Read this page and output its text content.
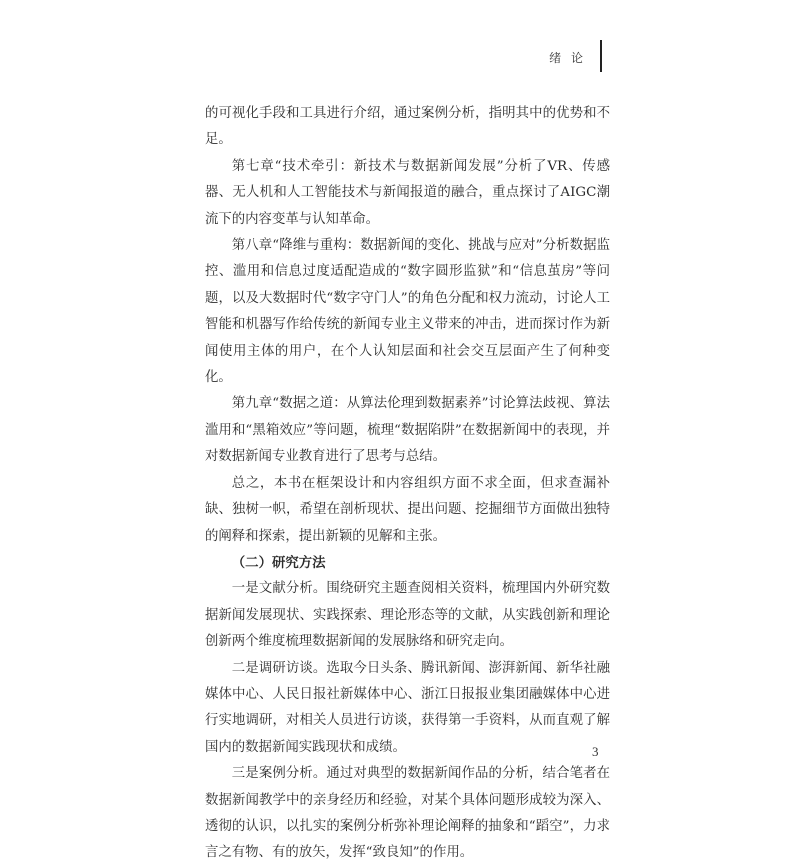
绪 论

的可视化手段和工具进行介绍，通过案例分析，指明其中的优势和不足。

第七章“技术牵引：新技术与数据新闻发展”分析了VR、传感器、无人机和人工智能技术与新闻报道的融合，重点探讨了AIGC潮流下的内容变革与认知革命。

第八章“降维与重构：数据新闻的变化、挑战与应对”分析数据监控、滥用和信息过度适配造成的“数字圆形监狱”和“信息茧房”等问题，以及大数据时代“数字守门人”的角色分配和权力流动，讨论人工智能和机器写作给传统的新闻专业主义带来的冲击，进而探讨作为新闻使用主体的用户，在个人认知层面和社会交互层面产生了何种变化。

第九章“数据之道：从算法伦理到数据素养”讨论算法歧视、算法滥用和“黑箱效应”等问题，梳理“数据陷阱”在数据新闻中的表现，并对数据新闻专业教育进行了思考与总结。

总之，本书在框架设计和内容组织方面不求全面，但求查漏补缺、独树一帜，希望在剖析现状、提出问题、挖掘细节方面做出独特的阐释和探索，提出新颖的见解和主张。

（二）研究方法

一是文献分析。围绕研究主题查阅相关资料，梳理国内外研究数据新闻发展现状、实践探索、理论形态等的文献，从实践创新和理论创新两个维度梳理数据新闻的发展脉络和研究走向。

二是调研访谈。选取今日头条、腾讯新闻、澎湃新闻、新华社融媒体中心、人民日报社新媒体中心、浙江日报报业集团融媒体中心进行实地调研，对相关人员进行访谈，获得第一手资料，从而直观了解国内的数据新闻实践现状和成绩。

三是案例分析。通过对典型的数据新闻作品的分析，结合笔者在数据新闻教学中的亲身经历和经验，对某个具体问题形成较为深入、透彻的认识，以扎实的案例分析弥补理论阐释的抽象和“蹈空”，力求言之有物、有的放矢，发挥“致良知”的作用。

3
